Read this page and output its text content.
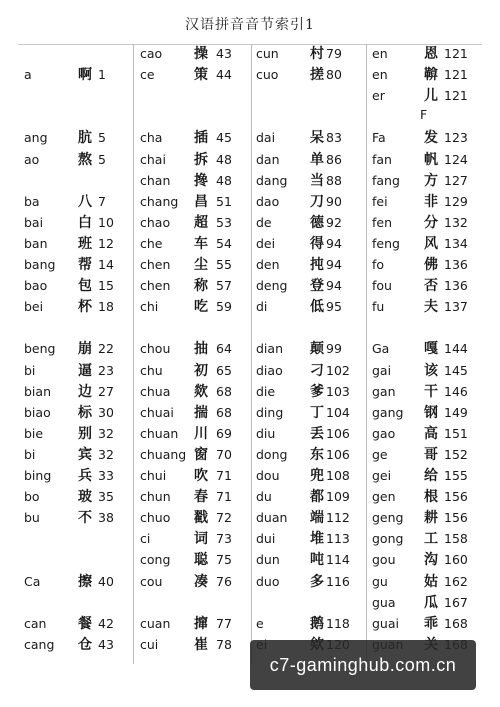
汉语拼音音节索引1
a	啊 1
ang 肮 5
ao	熬 5
ba	八 7
bai 白 10
ban 班 12
bang 帮 14
bao 包 15
bei 杯 18
beng 崩 22
bi	逼 23
bian 边 27
biao 标 30
bie 别 32
bi	宾 32
bing 兵 33
bo	玻 35
bu	不 38
Ca	擦 40
can 餐 42
cang 仓 43
cao 操 43
ce	策 44
cha 插 45
chai 拆 48
chan 搀 48
chang 昌 51
chao 超 53
che 车 54
chen 尘 55
chen 称 57
chi	吃 59
chou 抽 64
chu 初 65
chua 欻 68
chuai 揣 68
chuan 川 69
chuang 窗 70
chui 吹 71
chun 春 71
chuo 戳 72
ci	词 73
cong 聪 75
cou 凑 76
cuan 撺 77
cui	崔 78
cun 村 79
cuo 搓 80
dai 呆 83
dan 单 86
dang 当 88
dao 刀 90
de	德 92
dei 得 94
den 扽 94
deng 登 94
di	低 95
dian 颠 99
diao 刁 102
die 爹 103
ding 丁 104
diu 丢 106
dong 东 106
dou 兜 108
du	都 109
duan 端 112
dui 堆 113
dun 吨 114
duo 多 116
e	鹅 118
en	恩 121
en	鞥 121
er	儿 121
Fa	发 123
fan 帆 124
fang 方 127
fei	非 129
fen 分 132
feng 风 134
fo	佛 136
fou 否 136
fu	夫 137
Ga 嘎 144
gai 该 145
gan 干 146
gang 钢 149
gao 高 151
ge	哥 152
gei 给 155
gen 根 156
geng 耕 156
gong 工 158
gou 沟 160
gu	姑 162
gua 瓜 167
guai 乖 168
F
c7-gaminghub.com.cn
